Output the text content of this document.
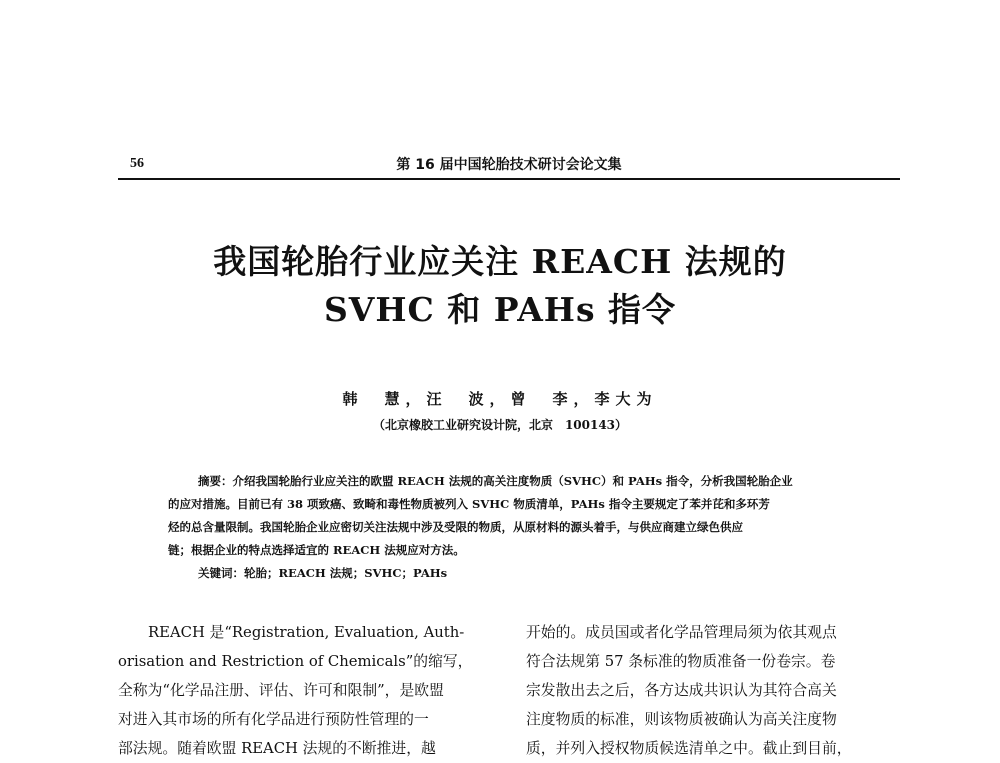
56	第 16 届中国轮胎技术研讨会论文集
我国轮胎行业应关注 REACH 法规的
SVHC 和 PAHs 指令
韩　慧，汪　波，曾　李，李大为
（北京橡胶工业研究设计院，北京　100143）
摘要：介绍我国轮胎行业应关注的欧盟 REACH 法规的高关注度物质（SVHC）和 PAHs 指令，分析我国轮胎企业
的应对措施。目前已有 38 项致癌、致畸和毒性物质被列入 SVHC 物质清单，PAHs 指令主要规定了苯并芘和多环芳
烃的总含量限制。我国轮胎企业应密切关注法规中涉及受限的物质，从原材料的源头着手，与供应商建立绿色供应
链；根据企业的特点选择适宜的 REACH 法规应对方法。
关键词：轮胎；REACH 法规；SVHC；PAHs
REACH 是“Registration, Evaluation, Auth-
orisation and Restriction of Chemicals”的缩写，
全称为“化学品注册、评估、许可和限制”，是欧盟
对进入其市场的所有化学品进行预防性管理的一
部法规。随着欧盟 REACH 法规的不断推进，越
开始的。成员国或者化学品管理局须为依其观点
符合法规第 57 条标准的物质准备一份卷宗。卷
宗发散出去之后，各方达成共识认为其符合高关
注度物质的标准，则该物质被确认为高关注度物
质，并列入授权物质候选清单之中。截止到目前，
